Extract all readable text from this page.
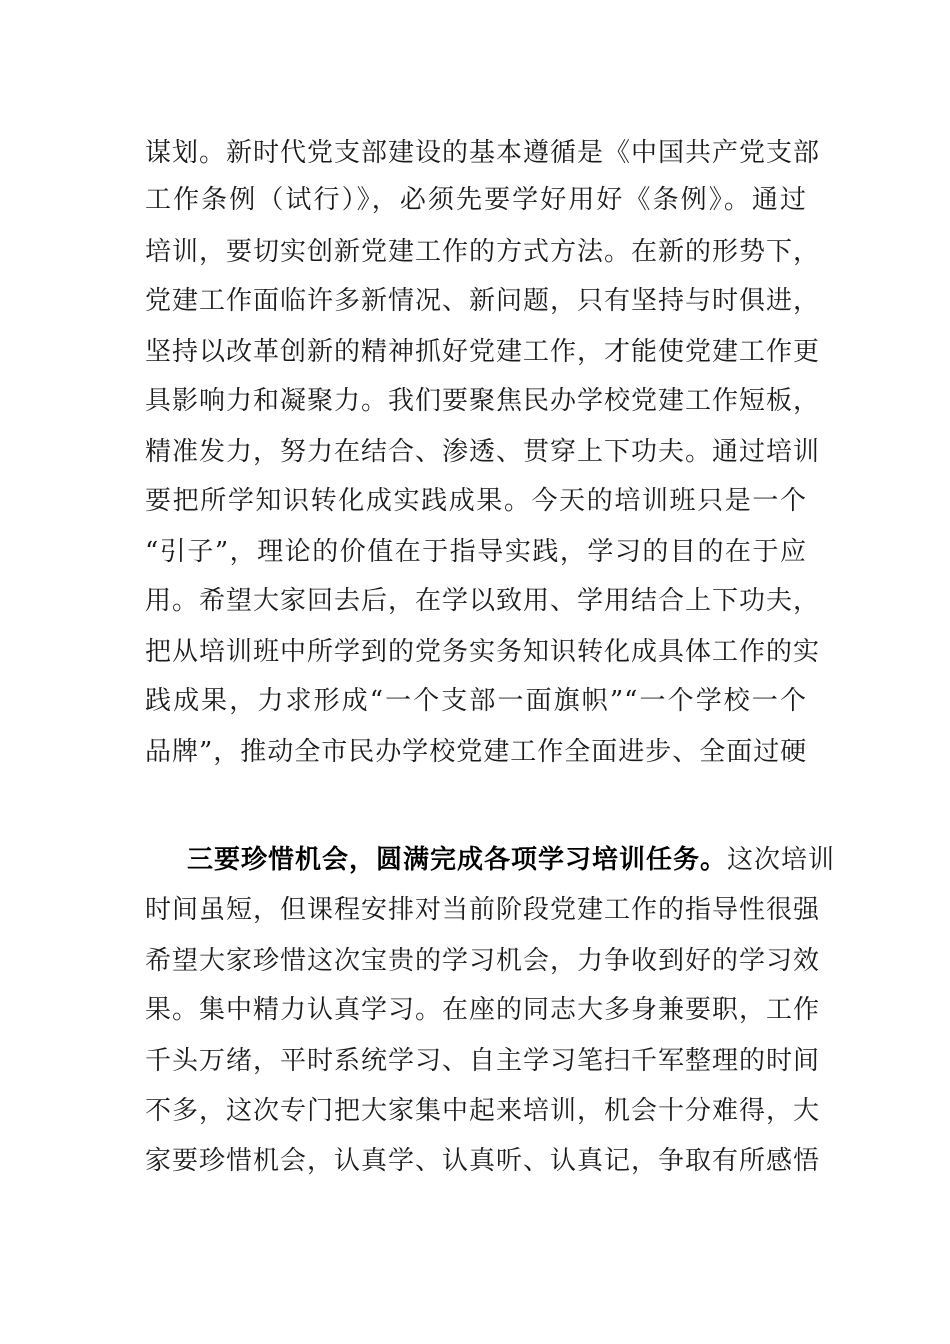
谋划。新时代党支部建设的基本遵循是《中国共产党支部
工作条例（试行）》，必须先要学好用好《条例》。通过
培训，要切实创新党建工作的方式方法。在新的形势下，
党建工作面临许多新情况、新问题，只有坚持与时俱进，
坚持以改革创新的精神抓好党建工作，才能使党建工作更
具影响力和凝聚力。我们要聚焦民办学校党建工作短板，
精准发力，努力在结合、渗透、贯穿上下功夫。通过培训
要把所学知识转化成实践成果。今天的培训班只是一个
“引子”，理论的价值在于指导实践，学习的目的在于应
用。希望大家回去后，在学以致用、学用结合上下功夫，
把从培训班中所学到的党务实务知识转化成具体工作的实
践成果，力求形成“一个支部一面旗帜”“一个学校一个
品牌”，推动全市民办学校党建工作全面进步、全面过硬
三要珍惜机会，圆满完成各项学习培训任务。这次培训
时间虽短，但课程安排对当前阶段党建工作的指导性很强
希望大家珍惜这次宝贵的学习机会，力争收到好的学习效
果。集中精力认真学习。在座的同志大多身兼要职，工作
千头万绪，平时系统学习、自主学习笔扫千军整理的时间
不多，这次专门把大家集中起来培训，机会十分难得，大
家要珍惜机会，认真学、认真听、认真记，争取有所感悟
